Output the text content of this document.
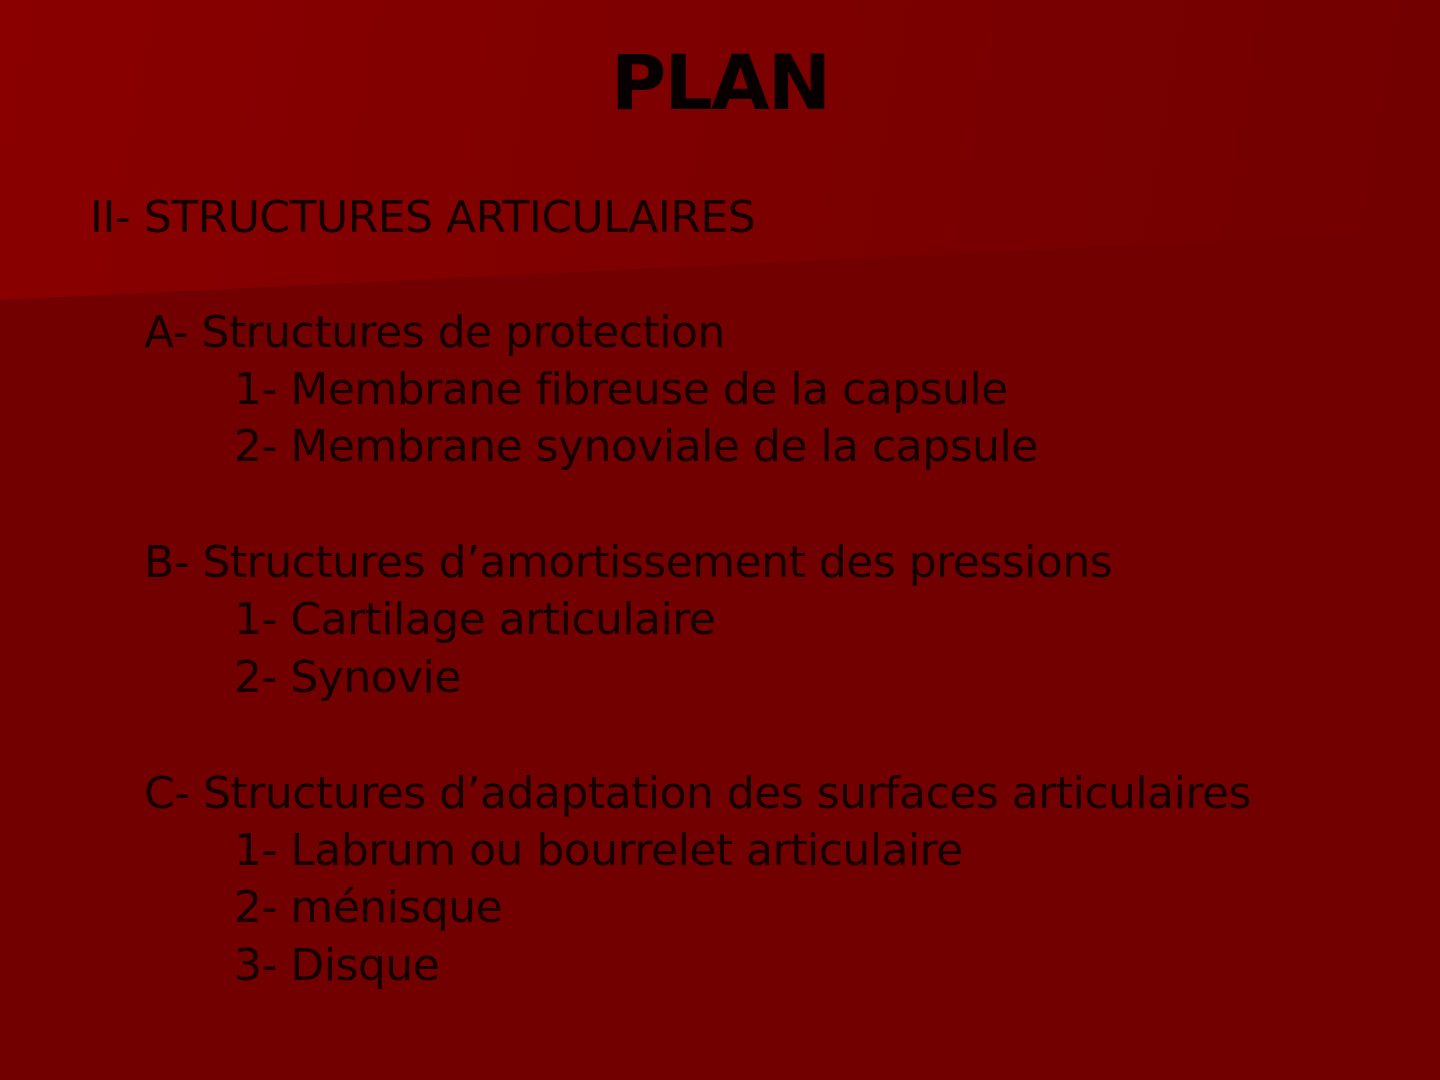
PLAN
II- STRUCTURES ARTICULAIRES
A- Structures de protection
1- Membrane fibreuse de la capsule
2- Membrane synoviale de la capsule
B- Structures d’amortissement des pressions
1- Cartilage articulaire
2- Synovie
C- Structures d’adaptation des surfaces articulaires
1- Labrum ou bourrelet articulaire
2- ménisque
3- Disque
